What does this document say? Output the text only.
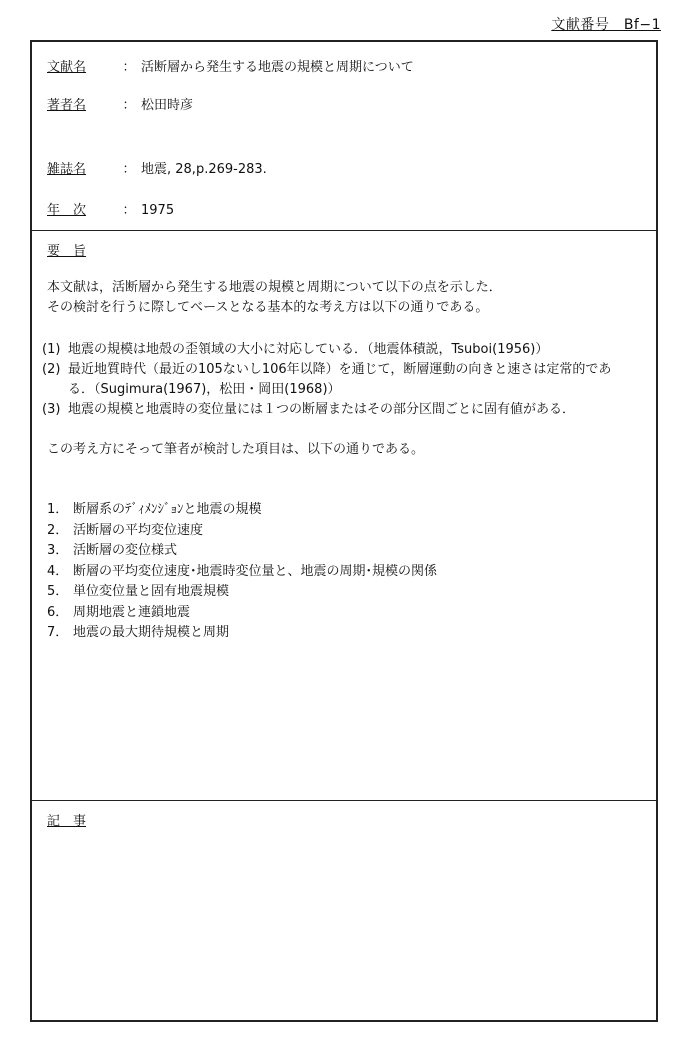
文献番号　Bf−1
文献名	： 活断層から発生する地震の規模と周期について
著者名	： 松田時彦
雑誌名	： 地震, 28,p.269-283.
年　次	： 1975
要　旨

本文献は，活断層から発生する地震の規模と周期について以下の点を示した．

その検討を行うに際してベースとなる基本的な考え方は以下の通りである。

(1) 地震の規模は地殻の歪領域の大小に対応している．（地震体積説，Tsuboi(1956)）
(2) 最近地質時代（最近の105ないし106年以降）を通じて，断層運動の向きと速さは定常的である．（Sugimura(1967)，松田・岡田(1968)）
(3) 地震の規模と地震時の変位量には１つの断層またはその部分区間ごとに固有値がある．

この考え方にそって筆者が検討した項目は、以下の通りである。

1． 断層系のﾃﾞｨﾒﾝｼﾞｮﾝと地震の規模
2． 活断層の平均変位速度
3． 活断層の変位様式
4． 断層の平均変位速度･地震時変位量と、地震の周期･規模の関係
5． 単位変位量と固有地震規模
6． 周期地震と連鎖地震
7． 地震の最大期待規模と周期
記　事
